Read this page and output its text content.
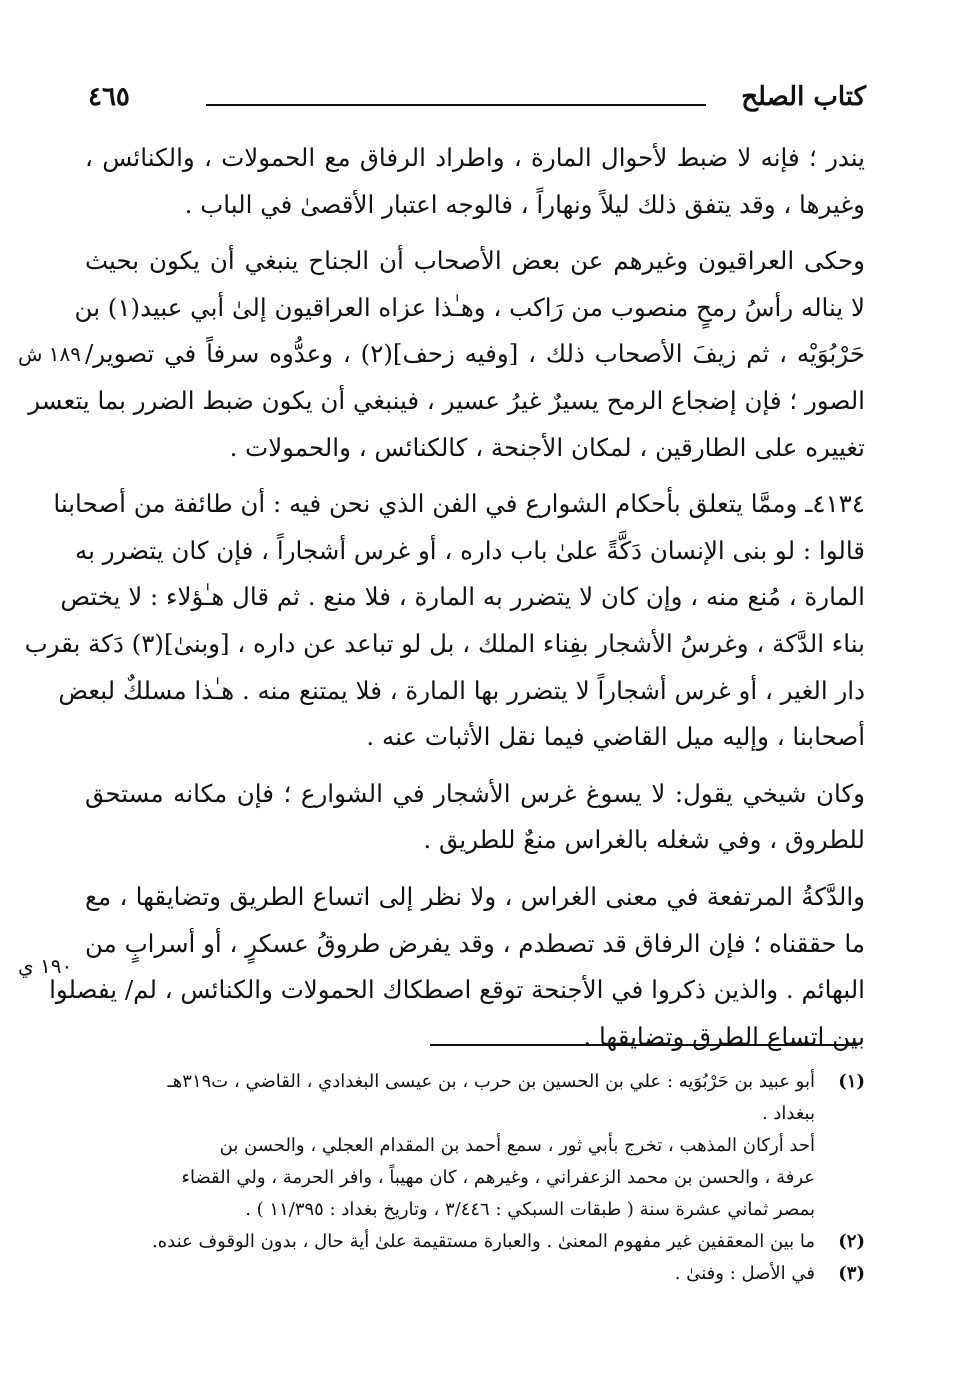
كتاب الصلح
٤٦٥
١٨٩ ش
١٩٠ ي
يندر ؛ فإنه لا ضبط لأحوال المارة ، واطراد الرفاق مع الحمولات ، والكنائس ،
وغيرها ، وقد يتفق ذلك ليلاً ونهاراً ، فالوجه اعتبار الأقصىٰ في الباب .
وحكى العراقيون وغيرهم عن بعض الأصحاب أن الجناح ينبغي أن يكون بحيث
لا يناله رأسُ رمحٍ منصوب من رَاكب ، وهـٰذا عزاه العراقيون إلىٰ أبي عبيد(١) بن
حَرْبُوَيْه ، ثم زيفَ الأصحاب ذلك ، [وفيه زحف](٢) ، وعدُّوه سرفاً في تصوير/
الصور ؛ فإن إضجاع الرمح يسيرٌ غيرُ عسير ، فينبغي أن يكون ضبط الضرر بما يتعسر
تغييره على الطارقين ، لمكان الأجنحة ، كالكنائس ، والحمولات .
٤١٣٤ـ وممَّا يتعلق بأحكام الشوارع في الفن الذي نحن فيه : أن طائفة من أصحابنا
قالوا : لو بنى الإنسان دَكَّةً علىٰ باب داره ، أو غرس أشجاراً ، فإن كان يتضرر به
المارة ، مُنع منه ، وإن كان لا يتضرر به المارة ، فلا منع . ثم قال هـٰؤلاء : لا يختص
بناء الدَّكة ، وغرسُ الأشجار بفِناء الملك ، بل لو تباعد عن داره ، [وبنىٰ](٣) دَكة بقرب
دار الغير ، أو غرس أشجاراً لا يتضرر بها المارة ، فلا يمتنع منه . هـٰذا مسلكٌ لبعض
أصحابنا ، وإليه ميل القاضي فيما نقل الأثبات عنه .
وكان شيخي يقول: لا يسوغ غرس الأشجار في الشوارع ؛ فإن مكانه مستحق
للطروق ، وفي شغله بالغراس منعٌ للطريق .
والدَّكةُ المرتفعة في معنى الغراس ، ولا نظر إلى اتساع الطريق وتضايقها ، مع
ما حققناه ؛ فإن الرفاق قد تصطدم ، وقد يفرض طروقُ عسكرٍ ، أو أسرابٍ من
البهائم . والذين ذكروا في الأجنحة توقع اصطكاك الحمولات والكنائس ، لم/ يفصلوا
بين اتساع الطرق وتضايقها .
(١)
أبو عبيد بن حَرْبُوَيه : علي بن الحسين بن حرب ، بن عيسى البغدادي ، القاضي ، ت٣١٩هـ
ببغداد .
أحد أركان المذهب ، تخرج بأبي ثور ، سمع أحمد بن المقدام العجلي ، والحسن بن
عرفة ، والحسن بن محمد الزعفراني ، وغيرهم ، كان مهيباً ، وافر الحرمة ، ولي القضاء
بمصر ثماني عشرة سنة ( طبقات السبكي : ٣/٤٤٦ ، وتاريخ بغداد : ١١/٣٩٥ ) .
(٢)
ما بين المعقفين غير مفهوم المعنىٰ . والعبارة مستقيمة علىٰ أية حال ، بدون الوقوف عنده.
(٣)
في الأصل : وفنىٰ .
